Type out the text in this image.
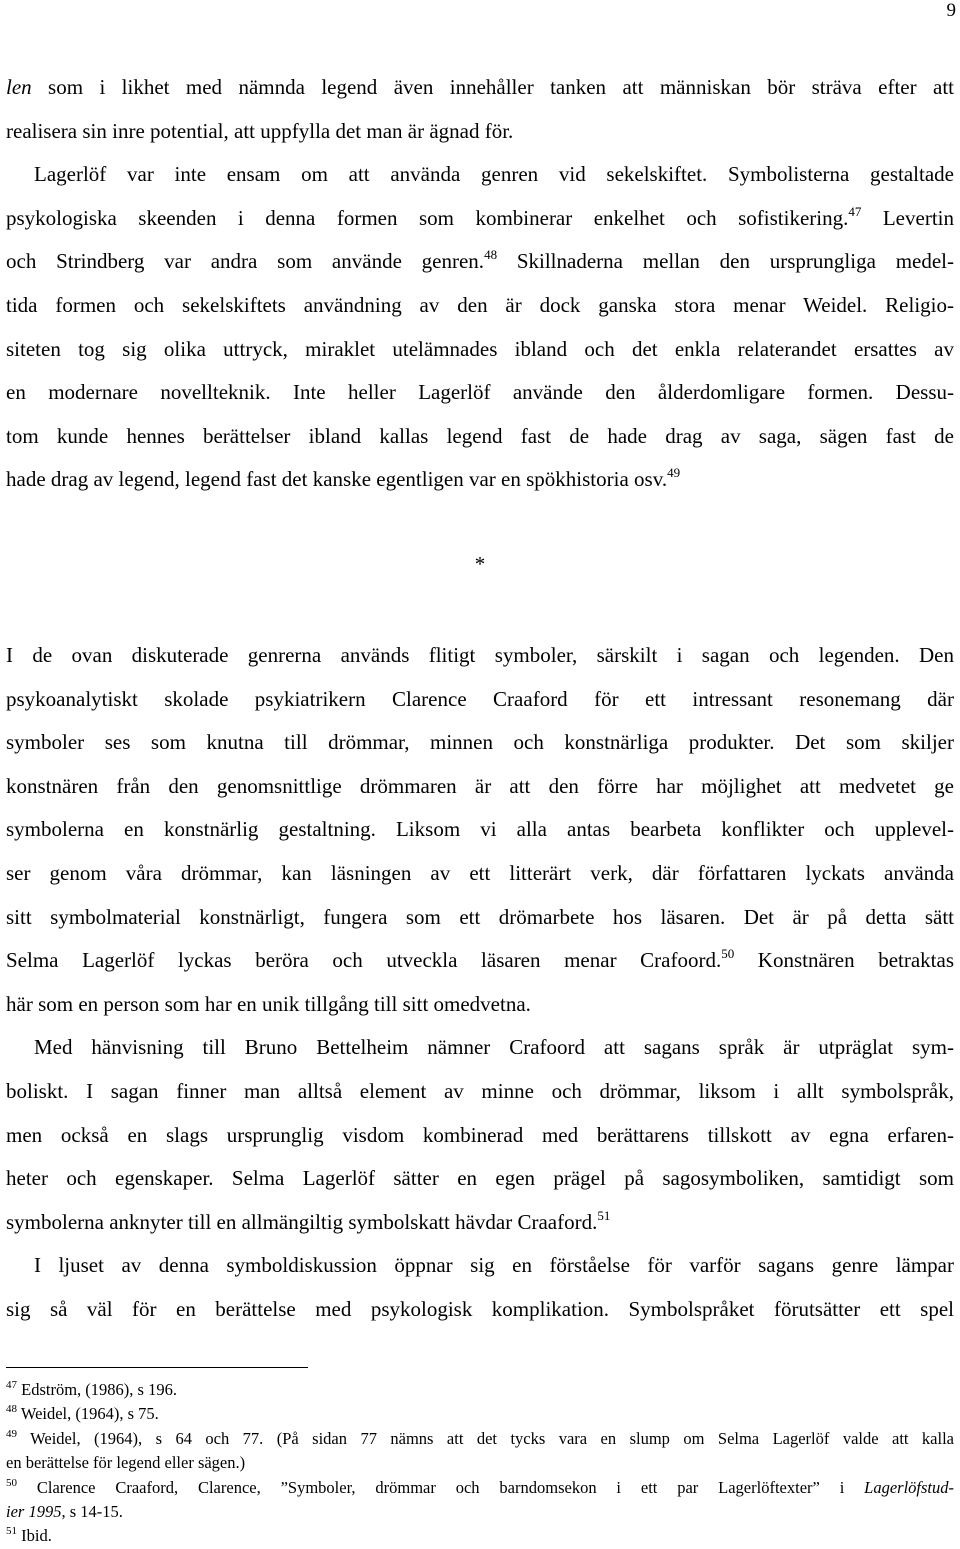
9
len som i likhet med nämnda legend även innehåller tanken att människan bör sträva efter att
realisera sin inre potential, att uppfylla det man är ägnad för.
Lagerlöf var inte ensam om att använda genren vid sekelskiftet. Symbolisterna gestaltade
psykologiska skeenden i denna formen som kombinerar enkelhet och sofistikering.$^{47}$ Levertin
och Strindberg var andra som använde genren.$^{48}$ Skillnaderna mellan den ursprungliga medel-
tida formen och sekelskiftets användning av den är dock ganska stora menar Weidel. Religio-
siteten tog sig olika uttryck, miraklet utelämnades ibland och det enkla relaterandet ersattes av
en modernare novellteknik. Inte heller Lagerlöf använde den ålderdomligare formen. Dessu-
tom kunde hennes berättelser ibland kallas legend fast de hade drag av saga, sägen fast de
hade drag av legend, legend fast det kanske egentligen var en spökhistoria osv.$^{49}$
*
I de ovan diskuterade genrerna används flitigt symboler, särskilt i sagan och legenden. Den
psykoanalytiskt skolade psykiatrikern Clarence Craaford för ett intressant resonemang där
symboler ses som knutna till drömmar, minnen och konstnärliga produkter. Det som skiljer
konstnären från den genomsnittlige drömmaren är att den förre har möjlighet att medvetet ge
symbolerna en konstnärlig gestaltning. Liksom vi alla antas bearbeta konflikter och upplevel-
ser genom våra drömmar, kan läsningen av ett litterärt verk, där författaren lyckats använda
sitt symbolmaterial konstnärligt, fungera som ett drömarbete hos läsaren. Det är på detta sätt
Selma Lagerlöf lyckas beröra och utveckla läsaren menar Crafoord.$^{50}$ Konstnären betraktas
här som en person som har en unik tillgång till sitt omedvetna.
Med hänvisning till Bruno Bettelheim nämner Crafoord att sagans språk är utpräglat sym-
boliskt. I sagan finner man alltså element av minne och drömmar, liksom i allt symbolspråk,
men också en slags ursprunglig visdom kombinerad med berättarens tillskott av egna erfaren-
heter och egenskaper. Selma Lagerlöf sätter en egen prägel på sagosymboliken, samtidigt som
symbolerna anknyter till en allmängiltig symbolskatt hävdar Craaford.$^{51}$
I ljuset av denna symboldiskussion öppnar sig en förståelse för varför sagans genre lämpar
sig så väl för en berättelse med psykologisk komplikation. Symbolspråket förutsätter ett spel
$^{47}$ Edström, (1986), s 196.
$^{48}$ Weidel, (1964), s 75.
$^{49}$ Weidel, (1964), s 64 och 77. (På sidan 77 nämns att det tycks vara en slump om Selma Lagerlöf valde att kalla
en berättelse för legend eller sägen.)
$^{50}$ Clarence Craaford, Clarence, ”Symboler, drömmar och barndomsekon i ett par Lagerlöftexter” i Lagerlöfstud-
ier 1995, s 14-15.
$^{51}$ Ibid.
